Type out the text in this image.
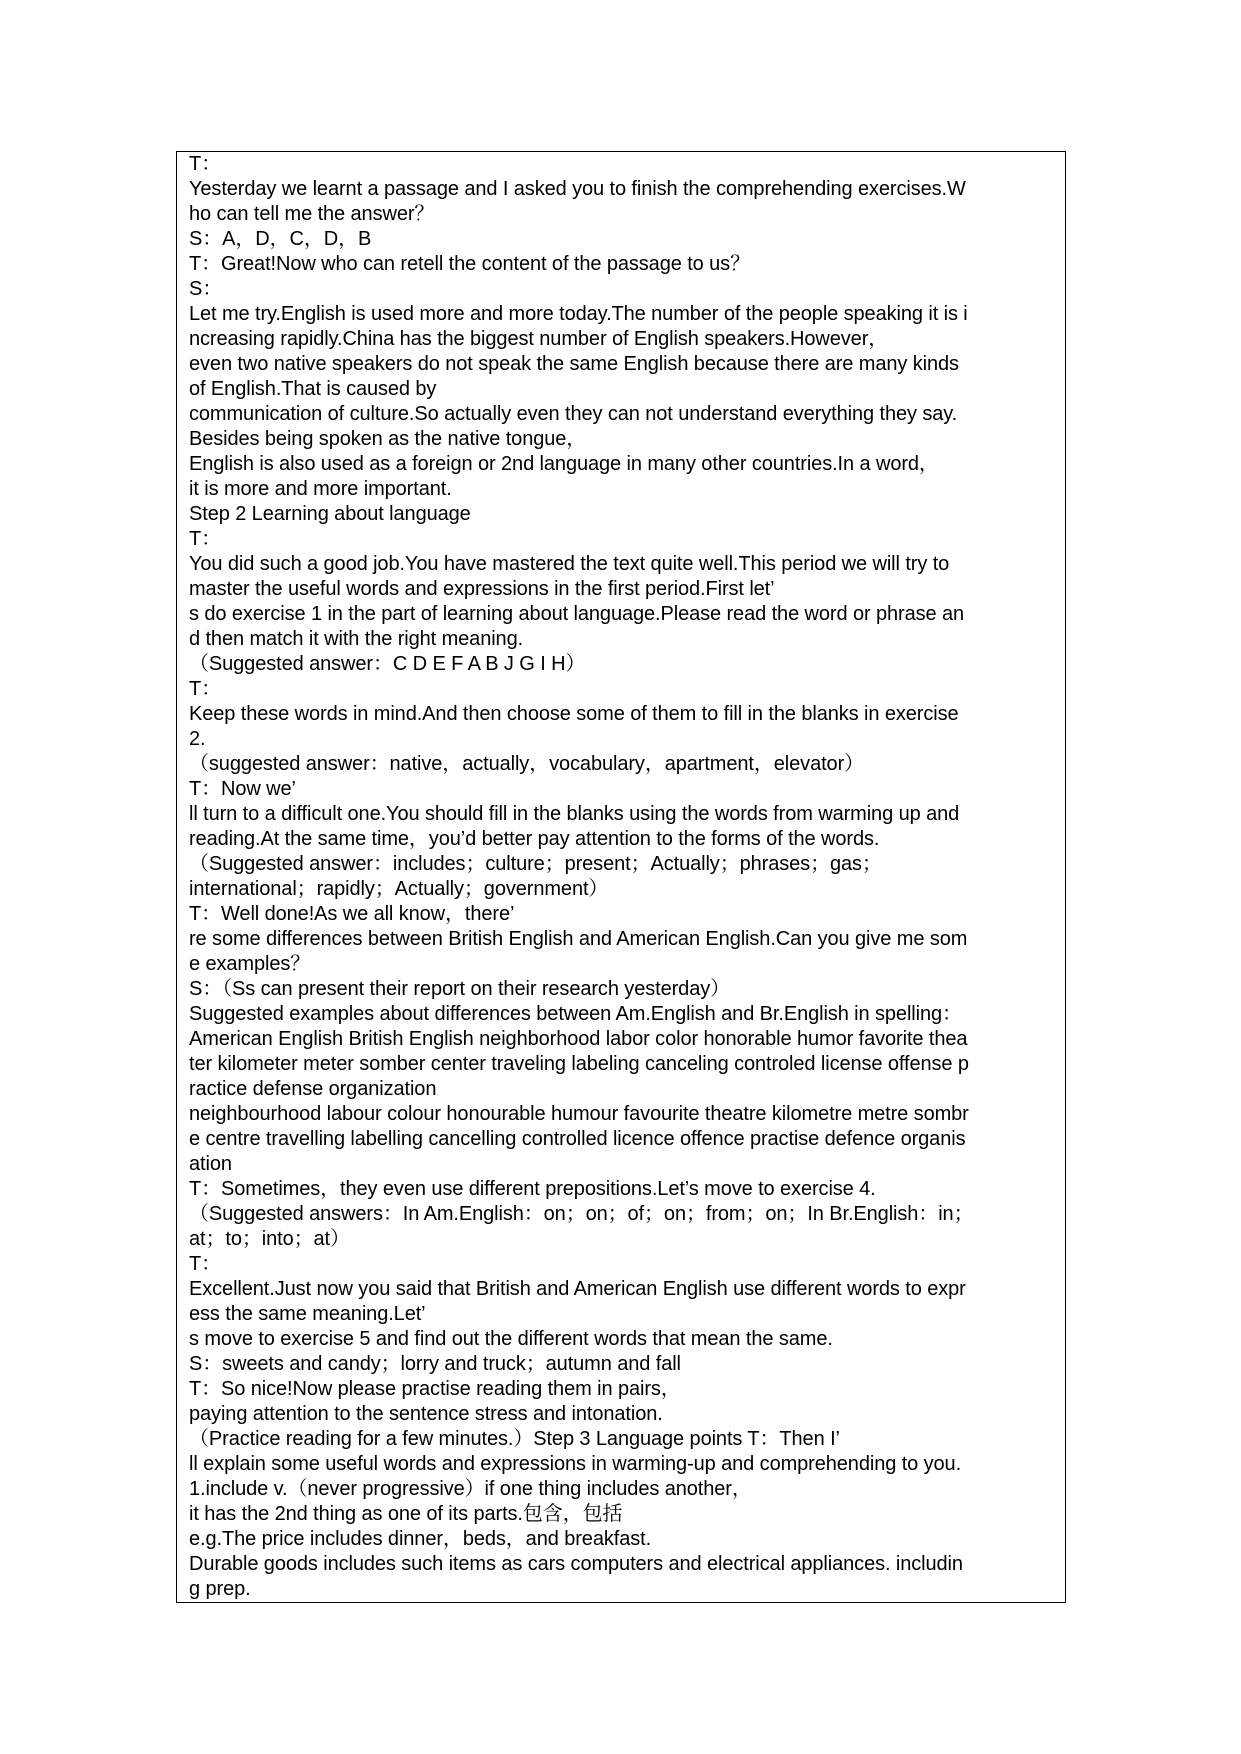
T：
Yesterday we learnt a passage and I asked you to finish the comprehending exercises.W
ho can tell me the answer？
S：A，D，C，D，B
T：Great!Now who can retell the content of the passage to us？
S：
Let me try.English is used more and more today.The number of the people speaking it is i
ncreasing rapidly.China has the biggest number of English speakers.However，
even two native speakers do not speak the same English because there are many kinds
of English.That is caused by
communication of culture.So actually even they can not understand everything they say.
Besides being spoken as the native tongue，
English is also used as a foreign or 2nd language in many other countries.In a word，
it is more and more important.
Step 2 Learning about language
T：
You did such a good job.You have mastered the text quite well.This period we will try to
master the useful words and expressions in the first period.First let’
s do exercise 1 in the part of learning about language.Please read the word or phrase an
d then match it with the right meaning.
（Suggested answer：C D E F A B J G I H）
T：
Keep these words in mind.And then choose some of them to fill in the blanks in exercise
2.
（suggested answer：native，actually，vocabulary，apartment，elevator）
T：Now we’
ll turn to a difficult one.You should fill in the blanks using the words from warming up and
reading.At the same time，you’d better pay attention to the forms of the words.
（Suggested answer：includes；culture；present；Actually；phrases；gas；
international；rapidly；Actually；government）
T：Well done!As we all know，there’
re some differences between British English and American English.Can you give me som
e examples？
S：（Ss can present their report on their research yesterday）
Suggested examples about differences between Am.English and Br.English in spelling：
American English British English neighborhood labor color honorable humor favorite thea
ter kilometer meter somber center traveling labeling canceling controled license offense p
ractice defense organization
neighbourhood labour colour honourable humour favourite theatre kilometre metre sombr
e centre travelling labelling cancelling controlled licence offence practise defence organis
ation
T：Sometimes，they even use different prepositions.Let’s move to exercise 4.
（Suggested answers：In Am.English：on；on；of；on；from；on；In Br.English：in；
at；to；into；at）
T：
Excellent.Just now you said that British and American English use different words to expr
ess the same meaning.Let’
s move to exercise 5 and find out the different words that mean the same.
S：sweets and candy；lorry and truck；autumn and fall
T：So nice!Now please practise reading them in pairs，
paying attention to the sentence stress and intonation.
（Practice reading for a few minutes.）Step 3 Language points T：Then I’
ll explain some useful words and expressions in warming-up and comprehending to you.
1.include v.（never progressive）if one thing includes another，
it has the 2nd thing as one of its parts.包含，包括
e.g.The price includes dinner，beds，and breakfast.
Durable goods includes such items as cars computers and electrical appliances. includin
g prep.
